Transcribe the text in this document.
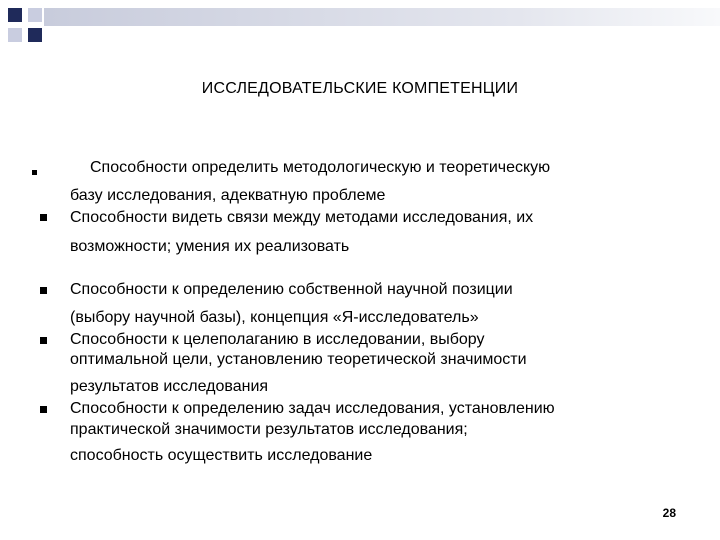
ИССЛЕДОВАТЕЛЬСКИЕ КОМПЕТЕНЦИИ
Способности определить методологическую и теоретическую
базу исследования, адекватную проблеме
Способности видеть связи между методами исследования, их
возможности; умения их реализовать
Способности к определению собственной научной позиции
(выбору научной базы), концепция «Я-исследователь»
Способности к целеполаганию в исследовании, выбору
оптимальной цели, установлению теоретической значимости
результатов исследования
Способности к определению задач исследования, установлению
практической значимости результатов исследования;
способность осуществить исследование
28
